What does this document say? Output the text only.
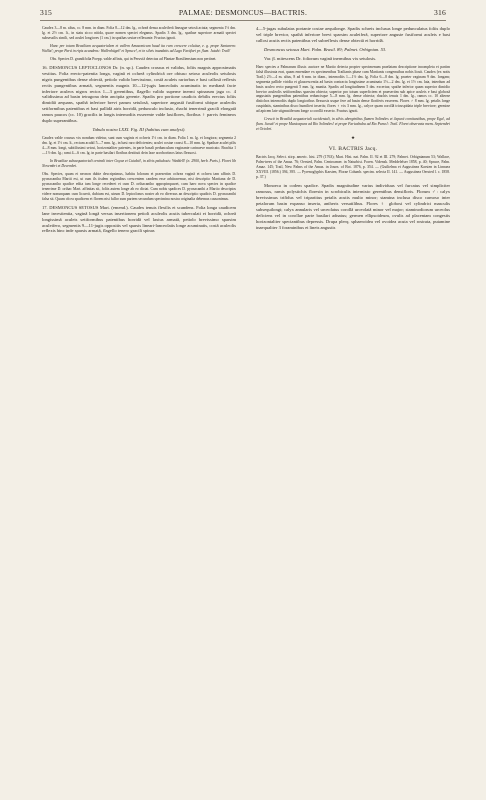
315	PALMAE: DESMONCUS—BACTRIS.	316

Caudex 3—8 m. altus, cc. 8 mm. in diam. Folia 8—12 dm. lg., ochreâ densa aculeiferâ lineague setosâ actata; segmenta 1½ dm. lg. et 2½ cm. lt., in statu sicco nitida, quare nomen speciei eleganus. Spadix 3 dm. lg., spathae superiore armatâ speciei subsessilis simili, sed aculei longiores (1 cm.) in spathas sesiae reflexante. Fructus ignoti.

Hanc per totam Brasiliam aequatorialem et vallem Amazonicum haud ita raro crescere coluitur, e. g. prope Santarem: Wallis!; prope Pará in ripis acandens: Wallenhügel! et Spruce!, et in silvis inundatis ad Lago Faráfari pr. flum. Jutahi: Trail!

Obs. Species D. grandifolia Poepp. valde affinis, qui in Peruviâ detectus ad Plantae Brasiliensium non pertinet.

16. DESMONCUS LEPTOCLONOS Dr. (n. sp.). Caudex crassus et validus, foliis magnis approximatis vestitus. Folia erecto-patentia longa, vaginâ et ochreâ cylindricâ ore obtuso setoso aculeolis setulosis nigris pungentibus dense obtectâ, petiolo valido brevissimo, costâ aculeis rariorbus e basi callosâ reflexis rectis pungentibus armatâ, segmentis magnis 10—12-jugis lanceolatis acuminatis in medianâ facie inferiore aculeos nigros rectos 1—3 gerentibus, flagello valido superne inermi spinarum jaga cc. 4 validissima ad basin tetragona dein ancipita gerente. Spadix pro portione caudicis debilis erectus foliis dimidiâ aequans, spathâ inferiore brevi parum setulosâ, superiore angustâ fusiformi ubique aculeolis setiformibus patentibus et basi pallidâ atris horridâ, pedunculo inclusio, rhachi tenerrimâ gracili elongatâ ramos paucos (cc. 10) gracilis in longis internodiis exserente valde laxiflores, floribus ♀ parvis femineos duplo superantibus.

Tabula nostra LXXI. Fig. III (habitus cum analysi).

Caudex valde crassus vix nondum videtur, sunt cum vaginis et ochreis 1½ cm. in diam. Folia 1 m. lg. et longiora; segmenta 2 dm. lg. et 1½ cm. lt., rectam acuâtî 5—7 mm. lg., in basi raro deficientes; aculei costae crassi 8—10 mm. lg. Spathae aculei pilis 4—8 mm. longi, subtilissimi setosi, horizontaliter patentes, in parte basali pedunculum vaginante carinaeve muricato. Brachia 1—1½ dm. lg.; rami 4—6 cm. lg. in parte basilari floribus destituti dein laxe acrobortinos latus flexuosi.

In Brasiliae subaequatoriali centrali inter Goyaz et Cuiabá!, in silvis paludosis: Weddell! (n. 2900, herb. Paris.). Floret lib Novembri et Decembri.

Obs. Species, quam et necnon dubie descripsimus, habitu folorum et praesertim ochrea vaginâ et ochrea tam affinis D. pycnacantha Martii est, ut cum ils iisdem regionibus crescentem candem esse arbitraremur, nisi descriptio Martiana de D. pycnacantho spadice edita tam longe recederet et cum D. orthacantho appropinquaret, cum haec nova species in spadice tenerrime D. orthac Mart. affinitas sit, foliis autem longe ab eo dictat. Cum nobis spadices D. pycnacanthi a Martio descriptos videre nonunquam cum licuerit, dubium est, utrum D. leptoclonos noster ab eo diversus an descriptio spadicis D. pycnacanthi falsa sit. Quum ob ea spadicem et florem nisi fallor sum partem secundum specimina nostra originalia debemus causonimus.

17. DESMONCUS SETOSUS Mart. (emend.). Caudex tenuis flexilis et scandens. Folia longa caudicem lane investientia, vaginâ longâ versus insertionem petioli aculeolis acutis tuberculati et horridâ, ochreâ longissimâ aculeis setiformibus patentibus horridâ vel laxius armatâ, petiolo brevissimo sparsim aculeifero, segmentis 9—11-jugis oppositis vel sparsis lineari-lanceolatis longe acuminatis, costâ aculeolis reflexis hinc inde sparsis armatâ, flagello tenero gracili spinas

4—5-jugas subulatas portante costae aequilonge. Spadix schreis inclusus longe pedunculatus foliis duplo vel triple brevior, spathâ inferiore brevi sparsim aculeiferâ, superiore anguste fusiformi aculeis e basi callosi acutis rectis patentibus vel subreflexis dense obtectâ et horridâ.

Desmoncus setosus Mart. Palm. Brasil. 89; Palmet. Orbignian. 53.

Var. β. mitescens Dr. foliorum vaginâ inermibus vix setulosis.

Haec species a Palmarum illustr. auctore ne Martio detecta propter specimenum praelatam descriptione incompleta et partim falsâ illustrata erat, quam emendare ex specimenibus Trailianis phase cum Martianis congenuibus nobis licuit. Caudex (ex notis Trail.) 2½—4 m. altus, 8 ad 6 mm. in diam., internodiis 1—1½ dm. lg. Folia 6—8 dm. lg. praeter vaginam 9 dm. longam; segmenta pallide viridia et glaucescentia ad basin contracta longissime acuminata 1½—2 dm. lg. et 1½ cm. lata, interdum ad basis aculeo recto pungenti 5 mm. lg. munita. Spadix ad longitudinem 5 dm. excertus; spathe inferior quam superior dimidio brevior aculeolis setiformibus sparsim obtecta; superior pro totum superficiem et praesertim sub apice aculeis e basi globosâ angustatis pungentibus patentibus reduncisque 5—8 mm. lg. dense obtecta; rhachis tenuis 1 dm. lg., ramos cc. 10 alterne distichos internodiis duplo longioribus flexuosis usque fere ad basin dense floriferis exserens. Flores ♂ 8 mm. lg. petalis longe cuspidatis, staminibus disco humilieri insertis; flores ♀ vix 3 mm. lg., calyce quam corollâ tricuspidata triple breviore; germine ad apicem late stigmatiferum longe a corollâ exserto. Fructus ignoti.

Crescit in Brasiliâ aequatoriali occidentali, in silvis aberginibus flumen Solimões et Japurá comitantibus, prope Ega!, ad flum. Juruá! et prope Manicapura ad Rio Solimões! et prope Faricabuba ad Rio Purus!: Trail. Floret observata mens. Septembri et Octobri.

★

VI. BACTRIS Jacq.

Bactris Jacq. Select. stirp. americ. hist. 279 (1763); Mart. Hist. nat. Palm. II. 92 et III. 279; Palmet. Orbignianum 53; Wallace, Palm-trees of the Amaz. 76; Oersted, Palm. Centroamer. in Naturhist. Foren. Vidensk. Meddelelser 1858, p. 40; Spruce, Palm. Amaz. 145; Trail, New Palms of the Amaz. in Journ. of Bot. 1876, p. 354. — (Guilielma et Augustinea Karsten in Linnaea XXVIII. (1856.) 394, 395. — Pyrenoglyphis Karsten, Florae Columb. specim. selecta II. 141. — Augustinea Oersted l. c. 1858. p. 37.)

Monoeca in codem spadice. Spadix magnitudine varius individuus vel furcatus vel simpliciter ramosus, ramis polystichis floresin in scrobiculis internixto gerentibus densifloris. Florum ♂: calyx brevissimus trifidus vel tripartitus petalis acutis multo minor; stamina inclusa disco carnoso inter petalorum basin expanso inserta, antheris versatilibus. Flores ♀ globosi vel cylindrici masculis subsequilongi; calyx annularis vel urceolatus corollâ urceolatâ minor vel major; staminodiorum urceolus deficiens vel in corollae parte basilari adnatus; germen ellipsoideum, ovulis ad placentam congestis horizontaliter spectantibus depressis. Drupa plerq. sphaeroidea vel ovoidea acuta vel rostrata, putamine inaequaliter 3 foraminibus et lineis angustis
